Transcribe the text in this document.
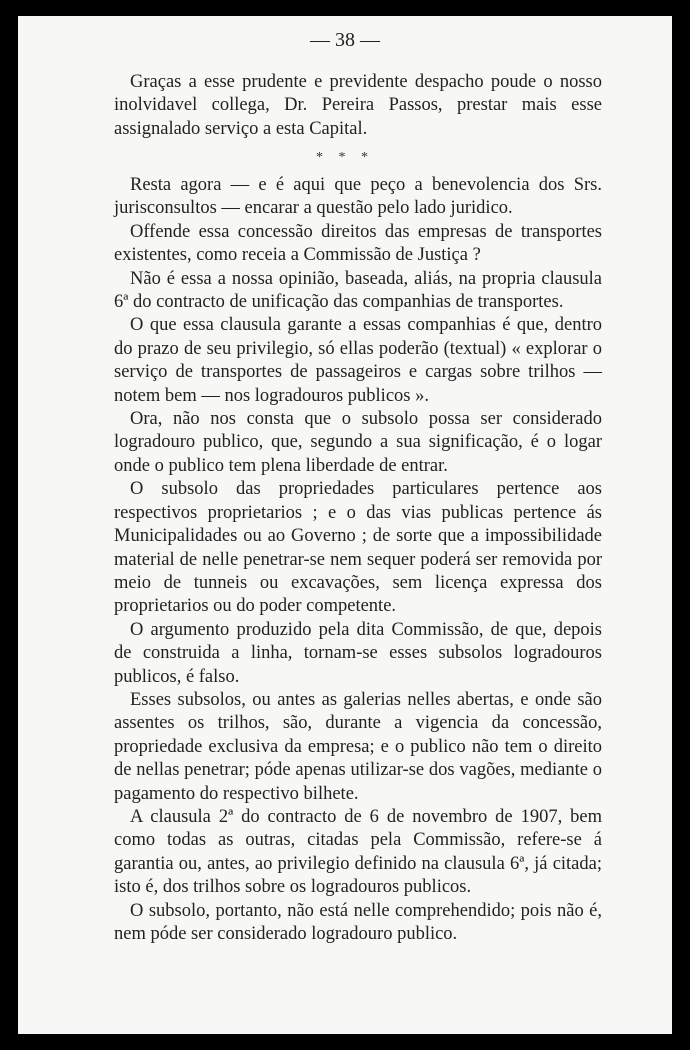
— 38 —

Graças a esse prudente e previdente despacho poude o nosso inolvidavel collega, Dr. Pereira Passos, prestar mais esse assignalado serviço a esta Capital.

* * *

Resta agora — e é aqui que peço a benevolencia dos Srs. jurisconsultos — encarar a questão pelo lado juridico.

Offende essa concessão direitos das empresas de transportes existentes, como receia a Commissão de Justiça ?

Não é essa a nossa opinião, baseada, aliás, na propria clausula 6ª do contracto de unificação das companhias de transportes.

O que essa clausula garante a essas companhias é que, dentro do prazo de seu privilegio, só ellas poderão (textual) « explorar o serviço de transportes de passageiros e cargas sobre trilhos — notem bem — nos logradouros publicos ».

Ora, não nos consta que o subsolo possa ser considerado logradouro publico, que, segundo a sua significação, é o logar onde o publico tem plena liberdade de entrar.

O subsolo das propriedades particulares pertence aos respectivos proprietarios ; e o das vias publicas pertence ás Municipalidades ou ao Governo ; de sorte que a impossibilidade material de nelle penetrar-se nem sequer poderá ser removida por meio de tunneis ou excavações, sem licença expressa dos proprietarios ou do poder competente.

O argumento produzido pela dita Commissão, de que, depois de construida a linha, tornam-se esses subsolos logradouros publicos, é falso.

Esses subsolos, ou antes as galerias nelles abertas, e onde são assentes os trilhos, são, durante a vigencia da concessão, propriedade exclusiva da empresa; e o publico não tem o direito de nellas penetrar; póde apenas utilizar-se dos vagões, mediante o pagamento do respectivo bilhete.

A clausula 2ª do contracto de 6 de novembro de 1907, bem como todas as outras, citadas pela Commissão, refere-se á garantia ou, antes, ao privilegio definido na clausula 6ª, já citada; isto é, dos trilhos sobre os logradouros publicos.

O subsolo, portanto, não está nelle comprehendido; pois não é, nem póde ser considerado logradouro publico.
